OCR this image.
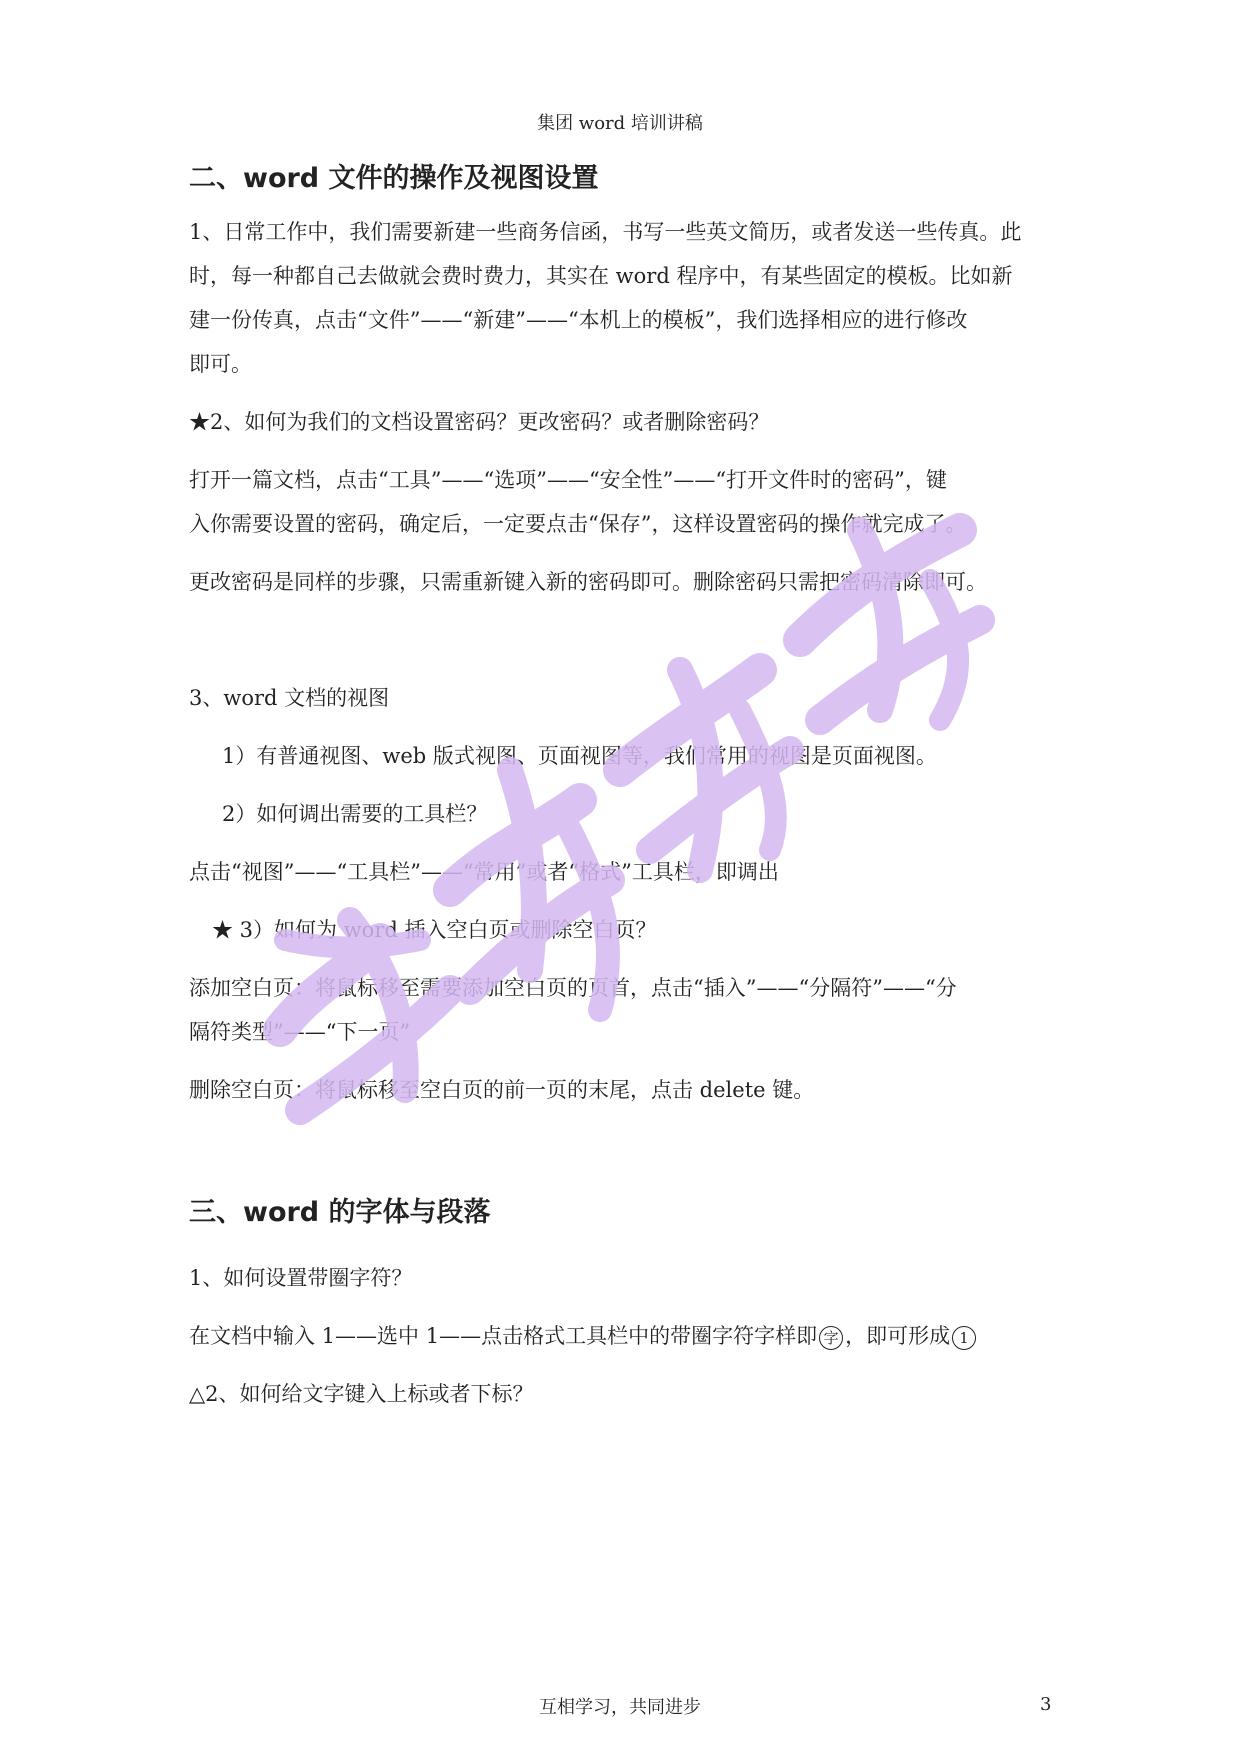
集团 word 培训讲稿
二、word 文件的操作及视图设置
1、日常工作中，我们需要新建一些商务信函，书写一些英文简历，或者发送一些传真。此
时，每一种都自己去做就会费时费力，其实在 word 程序中，有某些固定的模板。比如新
建一份传真，点击“文件”——“新建”——“本机上的模板”，我们选择相应的进行修改
即可。
★2、如何为我们的文档设置密码？更改密码？或者删除密码？
打开一篇文档，点击“工具”——“选项”——“安全性”——“打开文件时的密码”，键
入你需要设置的密码，确定后，一定要点击“保存”，这样设置密码的操作就完成了。
更改密码是同样的步骤，只需重新键入新的密码即可。删除密码只需把密码清除即可。
3、word 文档的视图
1）有普通视图、web 版式视图、页面视图等，我们常用的视图是页面视图。
2）如何调出需要的工具栏？
点击“视图”——“工具栏”——“常用”或者“格式”工具栏，即调出
★ 3）如何为 word 插入空白页或删除空白页？
添加空白页：将鼠标移至需要添加空白页的页首，点击“插入”——“分隔符”——“分
隔符类型”——“下一页”
删除空白页：将鼠标移至空白页的前一页的末尾，点击 delete 键。
三、word 的字体与段落
1、如何设置带圈字符？
在文档中输入 1——选中 1——点击格式工具栏中的带圈字符字样即 字 ，即可形成 1
△2、如何给文字键入上标或者下标？
互相学习，共同进步	3
